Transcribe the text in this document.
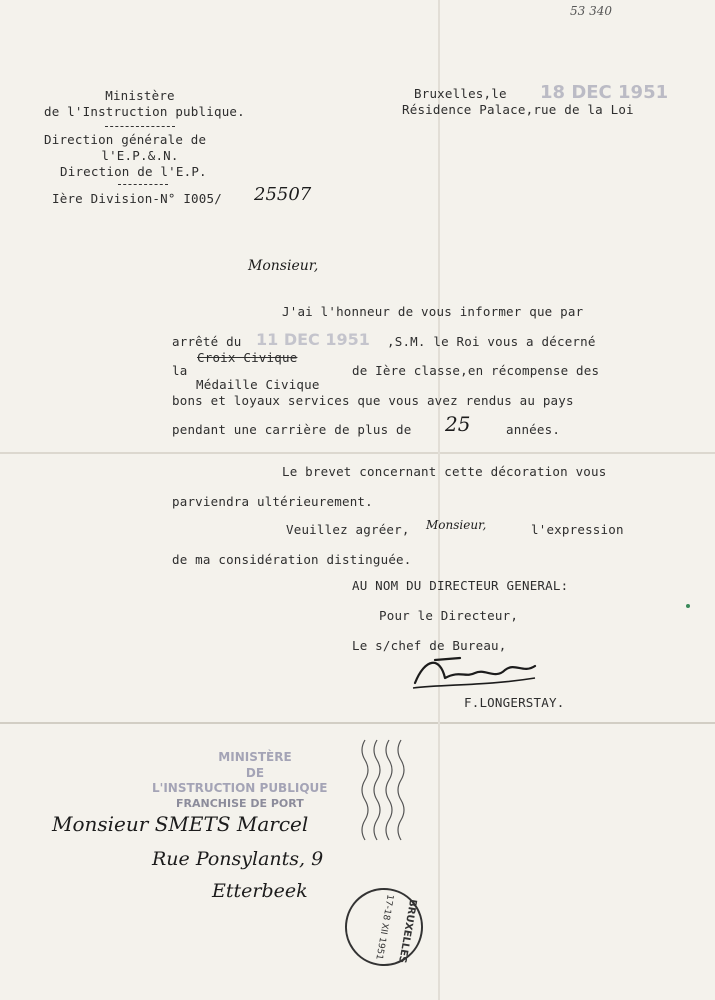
53 340
Ministère
de l'Instruction publique.
Direction générale de
l'E.P.&.N.
Direction de l'E.P.
Ière Division-N° I005/ 25507
Bruxelles,le 18 DEC 1951
Résidence Palace,rue de la Loi
Monsieur,
J'ai l'honneur de vous informer que par
arrêté du 11 DEC 1951 ,S.M. le Roi vous a décerné
Croix Civique
la	de Ière classe,en récompense des
Médaille Civique
bons et loyaux services que vous avez rendus au pays
pendant une carrière de plus de 25	années.
Le brevet concernant cette décoration vous
parviendra ultérieurement.
Veuillez agréer, Monsieur,	l'expression
de ma considération distinguée.
AU NOM DU DIRECTEUR GENERAL:
Pour le Directeur,
Le s/chef de Bureau,
F.LONGERSTAY.
MINISTÈRE
DE
L'INSTRUCTION PUBLIQUE
FRANCHISE DE PORT
Monsieur SMETS Marcel
Rue Ponsylants, 9
Etterbeek
BRUXELLES
17-18 XII 1951
